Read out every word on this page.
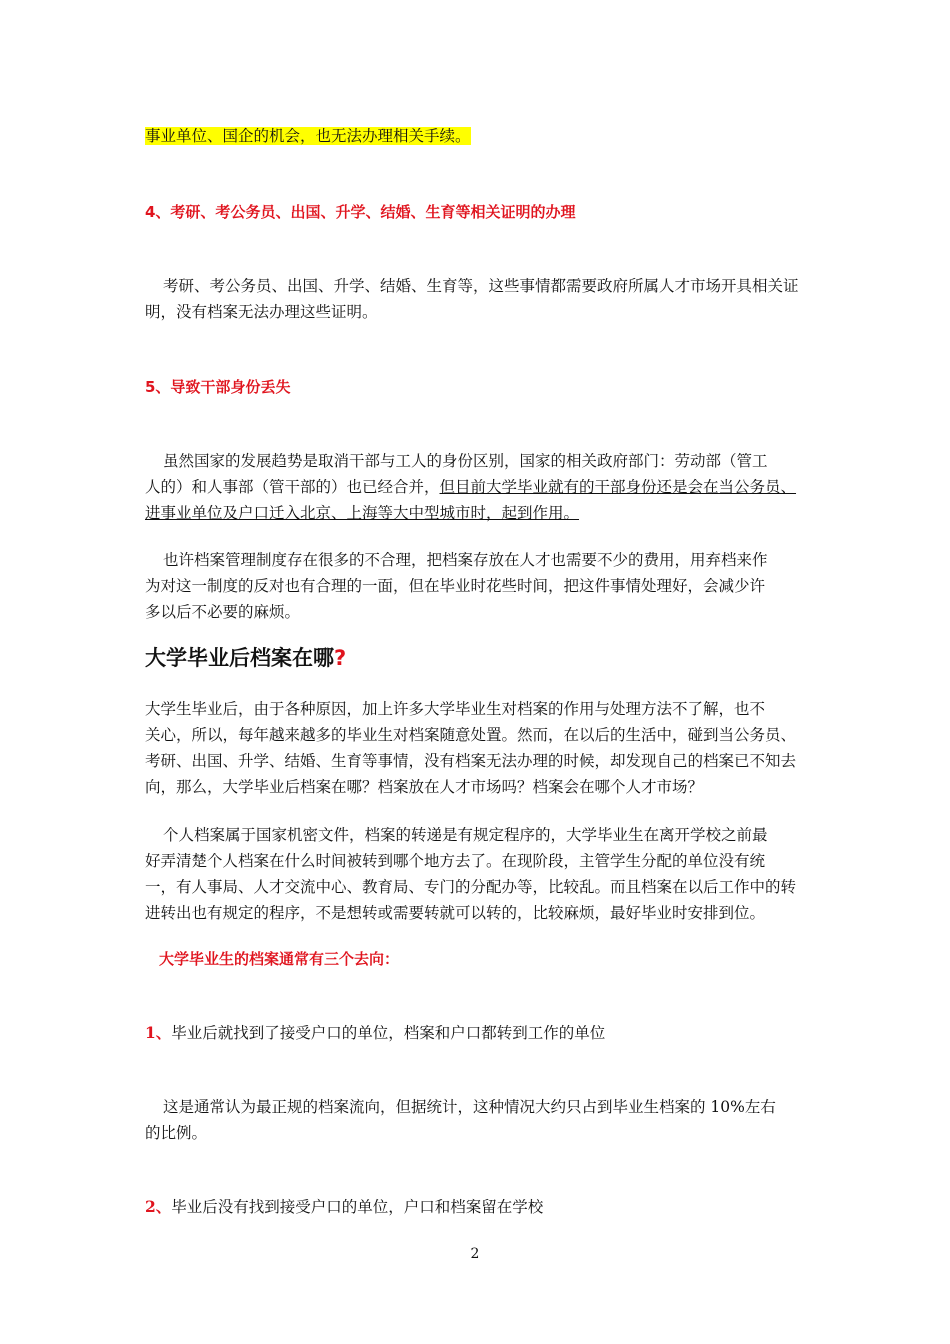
事业单位、国企的机会，也无法办理相关手续。

4、考研、考公务员、出国、升学、结婚、生育等相关证明的办理

考研、考公务员、出国、升学、结婚、生育等，这些事情都需要政府所属人才市场开具相关证
明，没有档案无法办理这些证明。

5、导致干部身份丢失

虽然国家的发展趋势是取消干部与工人的身份区别，国家的相关政府部门：劳动部（管工
人的）和人事部（管干部的）也已经合并，但目前大学毕业就有的干部身份还是会在当公务员、
进事业单位及户口迁入北京、上海等大中型城市时，起到作用。

也许档案管理制度存在很多的不合理，把档案存放在人才也需要不少的费用，用弃档来作
为对这一制度的反对也有合理的一面，但在毕业时花些时间，把这件事情处理好，会减少许
多以后不必要的麻烦。

大学毕业后档案在哪?

大学生毕业后，由于各种原因，加上许多大学毕业生对档案的作用与处理方法不了解，也不
关心，所以，每年越来越多的毕业生对档案随意处置。然而，在以后的生活中，碰到当公务员、
考研、出国、升学、结婚、生育等事情，没有档案无法办理的时候，却发现自己的档案已不知去
向，那么，大学毕业后档案在哪？档案放在人才市场吗？档案会在哪个人才市场？

个人档案属于国家机密文件，档案的转递是有规定程序的，大学毕业生在离开学校之前最
好弄清楚个人档案在什么时间被转到哪个地方去了。在现阶段，主管学生分配的单位没有统
一，有人事局、人才交流中心、教育局、专门的分配办等，比较乱。而且档案在以后工作中的转
进转出也有规定的程序，不是想转或需要转就可以转的，比较麻烦，最好毕业时安排到位。

大学毕业生的档案通常有三个去向：

1、毕业后就找到了接受户口的单位，档案和户口都转到工作的单位

这是通常认为最正规的档案流向，但据统计，这种情况大约只占到毕业生档案的 10%左右
的比例。

2、毕业后没有找到接受户口的单位，户口和档案留在学校

2
